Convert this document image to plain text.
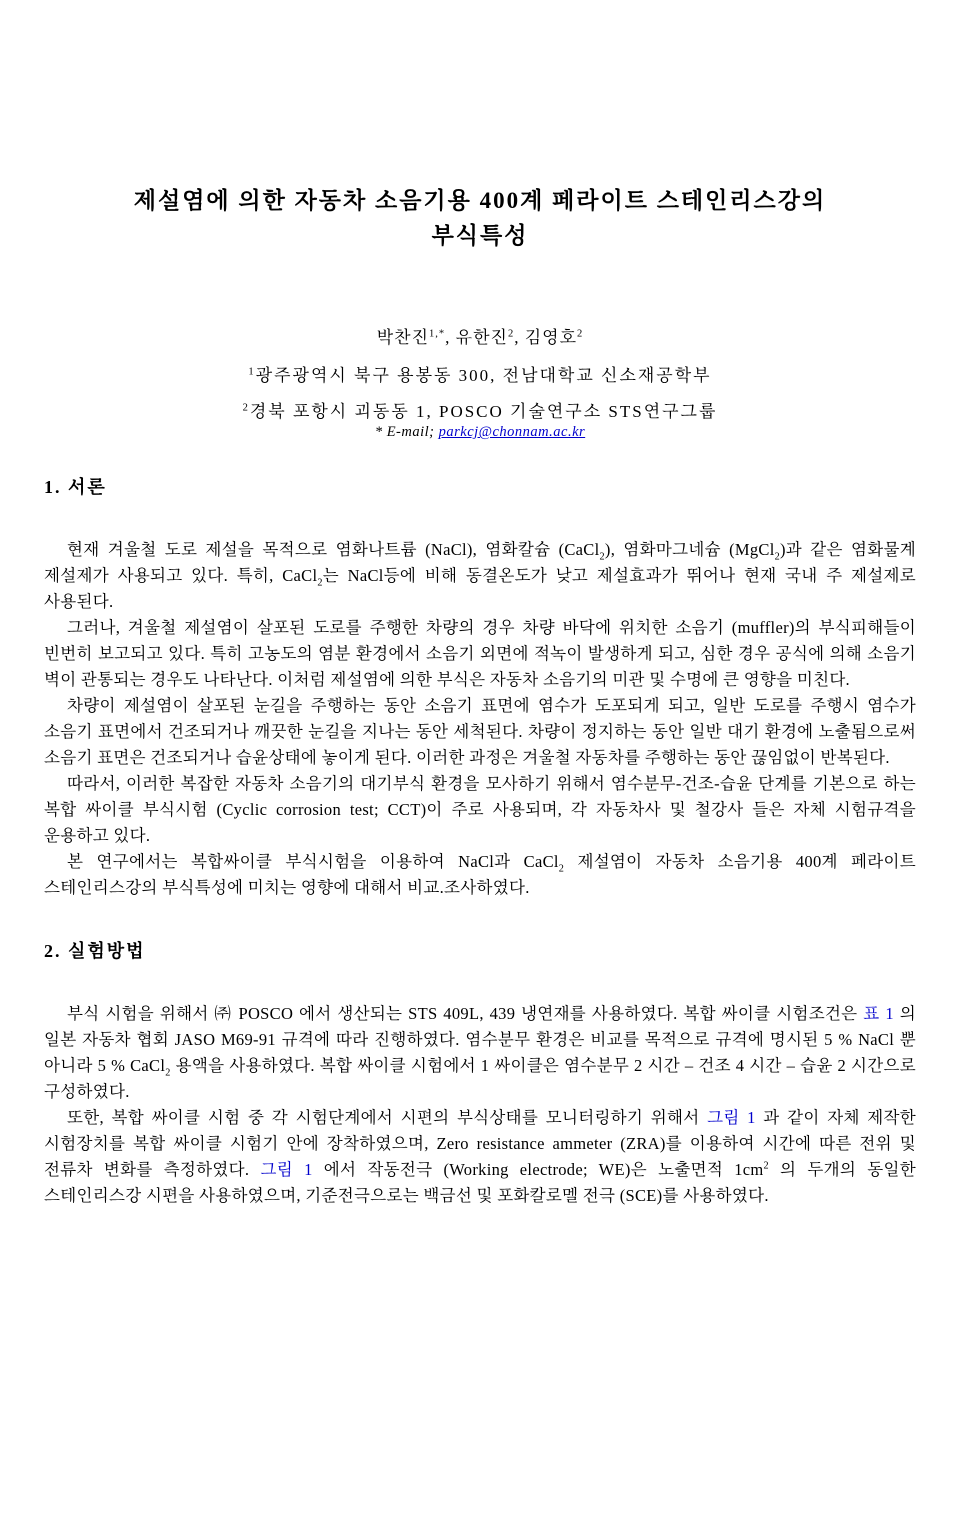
제설염에 의한 자동차 소음기용 400계 페라이트 스테인리스강의
부식특성
박찬진$^{1,*}$, 유한진$^2$, 김영호$^2$
$^1$광주광역시 북구 용봉동 300, 전남대학교 신소재공학부
$^2$경북 포항시 괴동동 1, POSCO 기술연구소 STS연구그룹
* E-mail; parkcj@chonnam.ac.kr
1. 서론

현재 겨울철 도로 제설을 목적으로 염화나트륨 (NaCl), 염화칼슘 (CaCl$_2$), 염화마그네슘 (MgCl$_2$)과 같은 염화물계 제설제가 사용되고 있다. 특히, CaCl$_2$는 NaCl등에 비해 동결온도가 낮고 제설효과가 뛰어나 현재 국내 주 제설제로 사용된다.

그러나, 겨울철 제설염이 살포된 도로를 주행한 차량의 경우 차량 바닥에 위치한 소음기 (muffler)의 부식피해들이 빈번히 보고되고 있다. 특히 고농도의 염분 환경에서 소음기 외면에 적녹이 발생하게 되고, 심한 경우 공식에 의해 소음기 벽이 관통되는 경우도 나타난다. 이처럼 제설염에 의한 부식은 자동차 소음기의 미관 및 수명에 큰 영향을 미친다.

차량이 제설염이 살포된 눈길을 주행하는 동안 소음기 표면에 염수가 도포되게 되고, 일반 도로를 주행시 염수가 소음기 표면에서 건조되거나 깨끗한 눈길을 지나는 동안 세척된다. 차량이 정지하는 동안 일반 대기 환경에 노출됨으로써 소음기 표면은 건조되거나 습윤상태에 놓이게 된다. 이러한 과정은 겨울철 자동차를 주행하는 동안 끊임없이 반복된다.

따라서, 이러한 복잡한 자동차 소음기의 대기부식 환경을 모사하기 위해서 염수분무-건조-습윤 단계를 기본으로 하는 복합 싸이클 부식시험 (Cyclic corrosion test; CCT)이 주로 사용되며, 각 자동차사 및 철강사 들은 자체 시험규격을 운용하고 있다.

본 연구에서는 복합싸이클 부식시험을 이용하여 NaCl과 CaCl$_2$ 제설염이 자동차 소음기용 400계 페라이트 스테인리스강의 부식특성에 미치는 영향에 대해서 비교.조사하였다.

2. 실험방법

부식 시험을 위해서 ㈜ POSCO 에서 생산되는 STS 409L, 439 냉연재를 사용하였다. 복합 싸이클 시험조건은 표 1 의 일본 자동차 협회 JASO M69-91 규격에 따라 진행하였다. 염수분무 환경은 비교를 목적으로 규격에 명시된 5 % NaCl 뿐 아니라 5 % CaCl$_2$ 용액을 사용하였다. 복합 싸이클 시험에서 1 싸이클은 염수분무 2 시간 – 건조 4 시간 – 습윤 2 시간으로 구성하였다.

또한, 복합 싸이클 시험 중 각 시험단계에서 시편의 부식상태를 모니터링하기 위해서 그림 1 과 같이 자체 제작한 시험장치를 복합 싸이클 시험기 안에 장착하였으며, Zero resistance ammeter (ZRA)를 이용하여 시간에 따른 전위 및 전류차 변화를 측정하였다. 그림 1 에서 작동전극 (Working electrode; WE)은 노출면적 $1cm^2$ 의 두개의 동일한 스테인리스강 시편을 사용하였으며, 기준전극으로는 백금선 및 포화칼로멜 전극 (SCE)를 사용하였다.
